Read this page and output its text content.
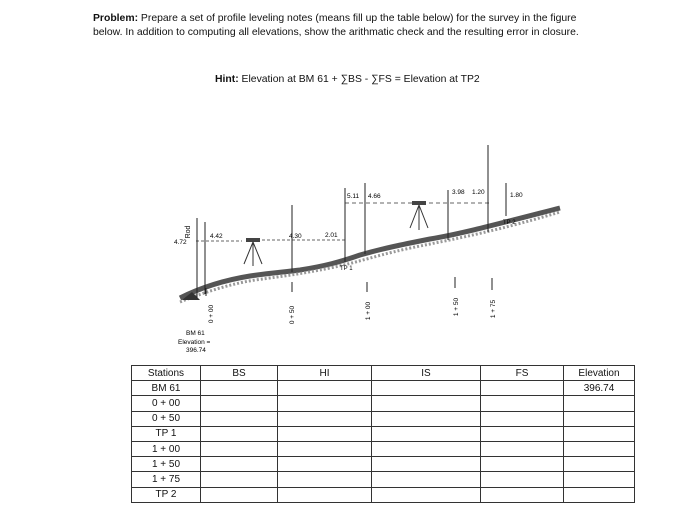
Problem: Prepare a set of profile leveling notes (means fill up the table below) for the survey in the figure below. In addition to computing all elevations, show the arithmatic check and the resulting error in closure.
Hint: Elevation at BM 61 + ∑BS - ∑FS = Elevation at TP2
Rod
4.72
4.42	4.30	2.01
TP 1
5.11 4.66
3.98 1.20	1.80
TP 2
0 + 00	0 + 50	1 + 00	1 + 50	1 + 75
BM 61
Elevation =
396.74
Stations	BS	HI	IS	FS	Elevation
BM 61					396.74
0 + 00					
0 + 50					
TP 1					
1 + 00					
1 + 50					
1 + 75					
TP 2					
